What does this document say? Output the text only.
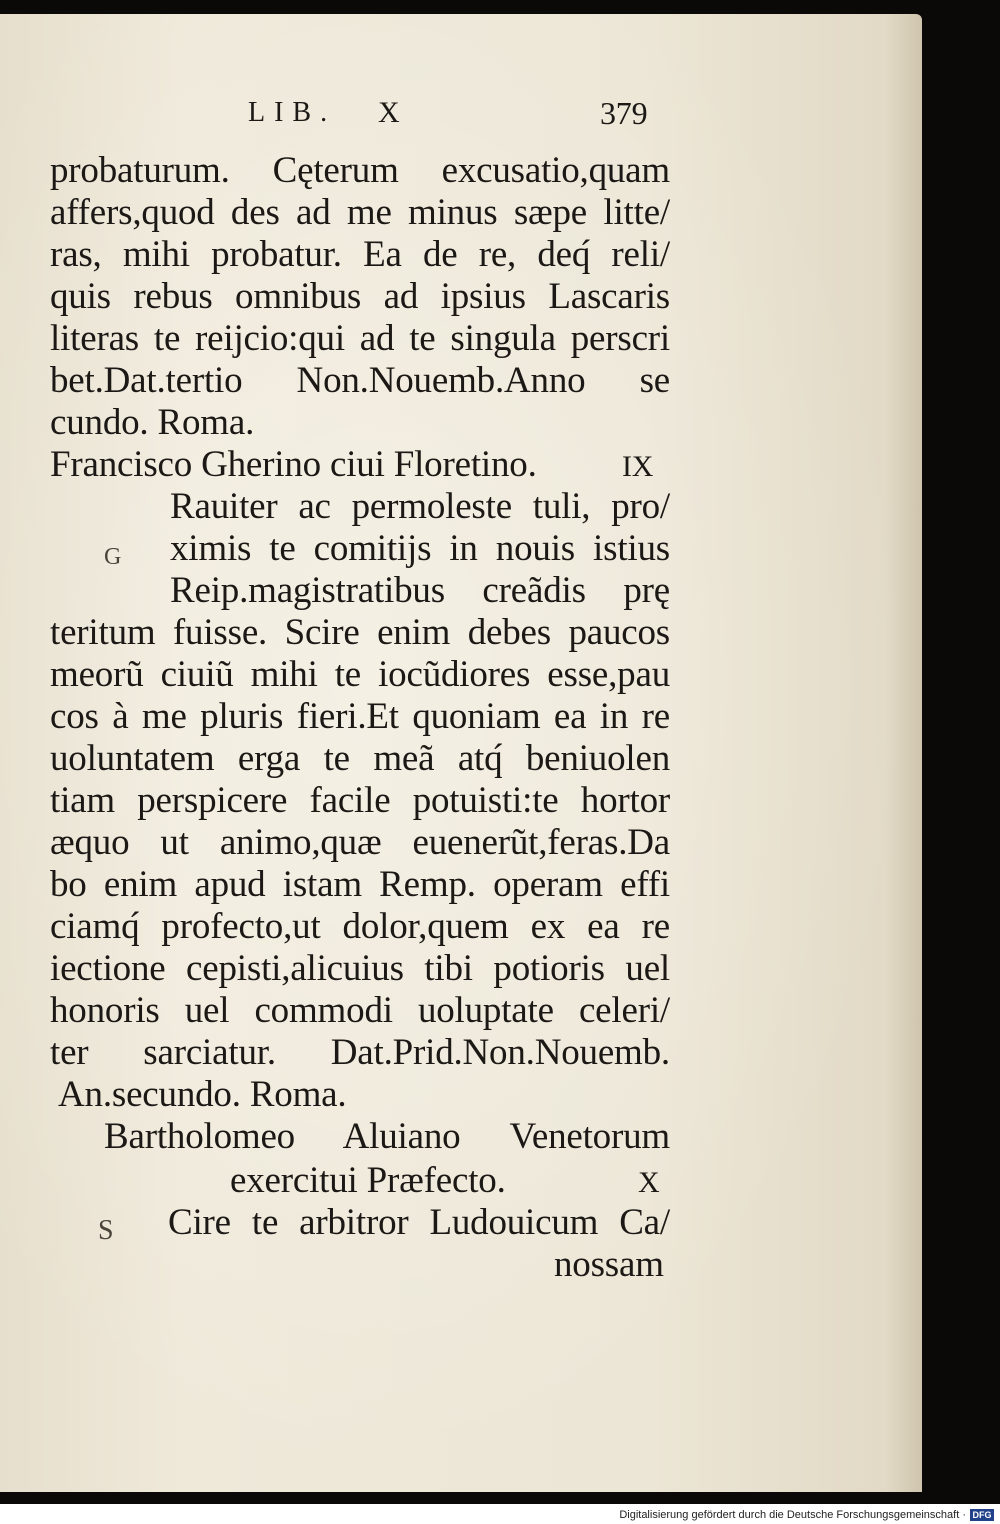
LIB. X	379

probaturum. Cęterum excusatio,quam

affers,quod des ad me minus sæpe litte/

ras, mihi probatur. Ea de re, deq́ reli/

quis rebus omnibus ad ipsius Lascaris

literas te reijcio:qui ad te singula perscri

bet.Dat.tertio Non.Nouemb.Anno se

cundo. Roma.

Francisco Gherino ciui Floretino.	IX

Rauiter ac permoleste tuli, pro/

G ximis te comitijs in nouis istius

Reip.magistratibus creãdis prę

teritum fuisse. Scire enim debes paucos

meorũ ciuiũ mihi te iocũdiores esse,pau

cos à me pluris fieri.Et quoniam ea in re

uoluntatem erga te meã atq́ beniuolen

tiam perspicere facile potuisti:te hortor

æquo ut animo,quæ euenerũt,feras.Da

bo enim apud istam Remp. operam effi

ciamq́ profecto,ut dolor,quem ex ea re

iectione cepisti,alicuius tibi potioris uel

honoris uel commodi uoluptate celeri/

ter sarciatur. Dat.Prid.Non.Nouemb.

An.secundo. Roma.

Bartholomeo Aluiano Venetorum

exercitui Præfecto.	X

S Cire te arbitror Ludouicum Ca/

nossam

Digitalisierung gefördert durch die Deutsche Forschungsgemeinschaft · DFG
